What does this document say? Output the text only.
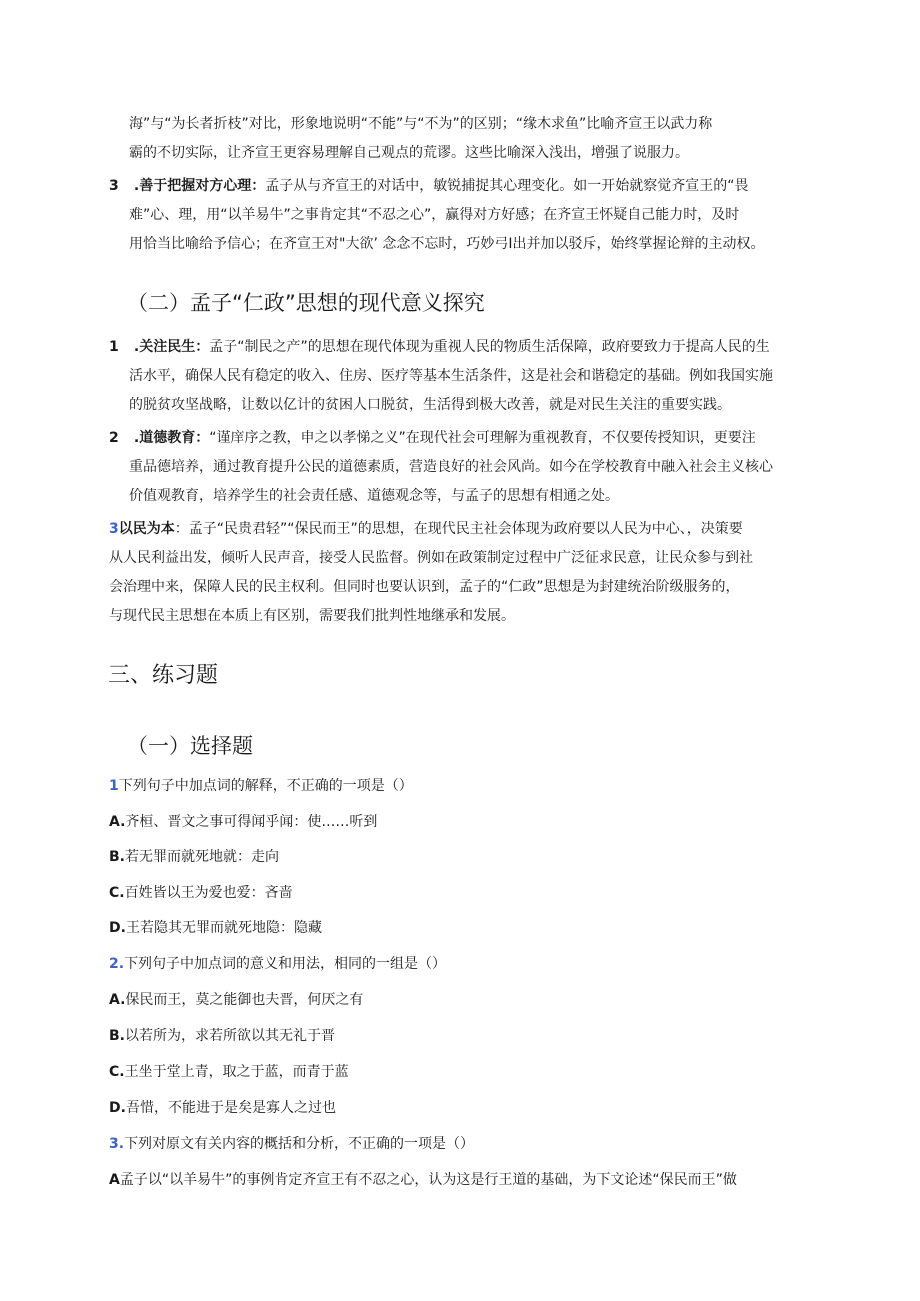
海”与“为长者折枝”对比，形象地说明“不能”与“不为”的区别；“缘木求鱼”比喻齐宣王以武力称
霸的不切实际，让齐宣王更容易理解自己观点的荒谬。这些比喻深入浅出，增强了说服力。
3 .善于把握对方心理：孟子从与齐宣王的对话中，敏锐捕捉其心理变化。如一开始就察觉齐宣王的“畏
难”心、理，用“以羊易牛”之事肯定其“不忍之心”，赢得对方好感；在齐宣王怀疑自己能力时，及时
用恰当比喻给予信心；在齐宣王对"大欲’ 念念不忘时，巧妙弓I出并加以驳斥，始终掌握论辩的主动权。
（二）孟子“仁政”思想的现代意义探究
1 .关注民生：孟子“制民之产”的思想在现代体现为重视人民的物质生活保障，政府要致力于提高人民的生
活水平，确保人民有稳定的收入、住房、医疗等基本生活条件，这是社会和谐稳定的基础。例如我国实施
的脱贫攻坚战略，让数以亿计的贫困人口脱贫，生活得到极大改善，就是对民生关注的重要实践。
2 .道德教育：“谨庠序之教，申之以孝悌之义”在现代社会可理解为重视教育，不仅要传授知识，更要注
重品德培养，通过教育提升公民的道德素质，营造良好的社会风尚。如今在学校教育中融入社会主义核心
价值观教育，培养学生的社会责任感、道德观念等，与孟子的思想有相通之处。
3以民为本：孟子“民贵君轻”“保民而王”的思想，在现代民主社会体现为政府要以人民为中心、，决策要
从人民利益出发，倾听人民声音，接受人民监督。例如在政策制定过程中广泛征求民意，让民众参与到社
会治理中来，保障人民的民主权利。但同时也要认识到，孟子的“仁政”思想是为封建统治阶级服务的，
与现代民主思想在本质上有区别，需要我们批判性地继承和发展。
三、练习题
（一）选择题
1下列句子中加点词的解释，不正确的一项是（）
A.齐桓、晋文之事可得闻乎闻：使……听到
B.若无罪而就死地就：走向
C.百姓皆以王为爱也爱：吝啬
D.王若隐其无罪而就死地隐：隐藏
2.下列句子中加点词的意义和用法，相同的一组是（）
A.保民而王，莫之能御也夫晋，何厌之有
B.以若所为，求若所欲以其无礼于晋
C.王坐于堂上青，取之于蓝，而青于蓝
D.吾惜，不能进于是矣是寡人之过也
3.下列对原文有关内容的概括和分析，不正确的一项是（）
A孟子以“以羊易牛”的事例肯定齐宣王有不忍之心，认为这是行王道的基础，为下文论述“保民而王”做
